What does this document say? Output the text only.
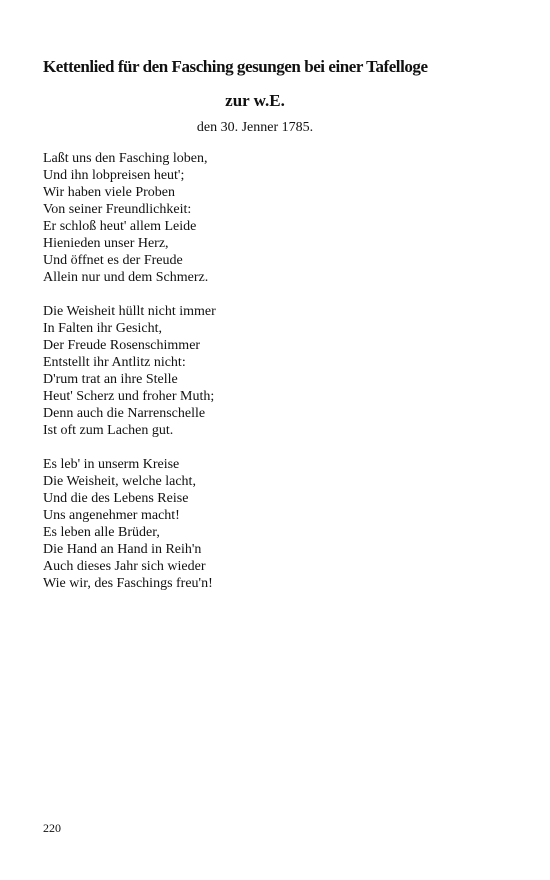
Kettenlied für den Fasching gesungen bei einer Tafelloge

zur w.E.

den 30. Jenner 1785.

Laßt uns den Fasching loben,
Und ihn lobpreisen heut';
Wir haben viele Proben
Von seiner Freundlichkeit:
Er schloß heut' allem Leide
Hienieden unser Herz,
Und öffnet es der Freude
Allein nur und dem Schmerz.
Die Weisheit hüllt nicht immer
In Falten ihr Gesicht,
Der Freude Rosenschimmer
Entstellt ihr Antlitz nicht:
D'rum trat an ihre Stelle
Heut' Scherz und froher Muth;
Denn auch die Narrenschelle
Ist oft zum Lachen gut.
Es leb' in unserm Kreise
Die Weisheit, welche lacht,
Und die des Lebens Reise
Uns angenehmer macht!
Es leben alle Brüder,
Die Hand an Hand in Reih'n
Auch dieses Jahr sich wieder
Wie wir, des Faschings freu'n!

220
